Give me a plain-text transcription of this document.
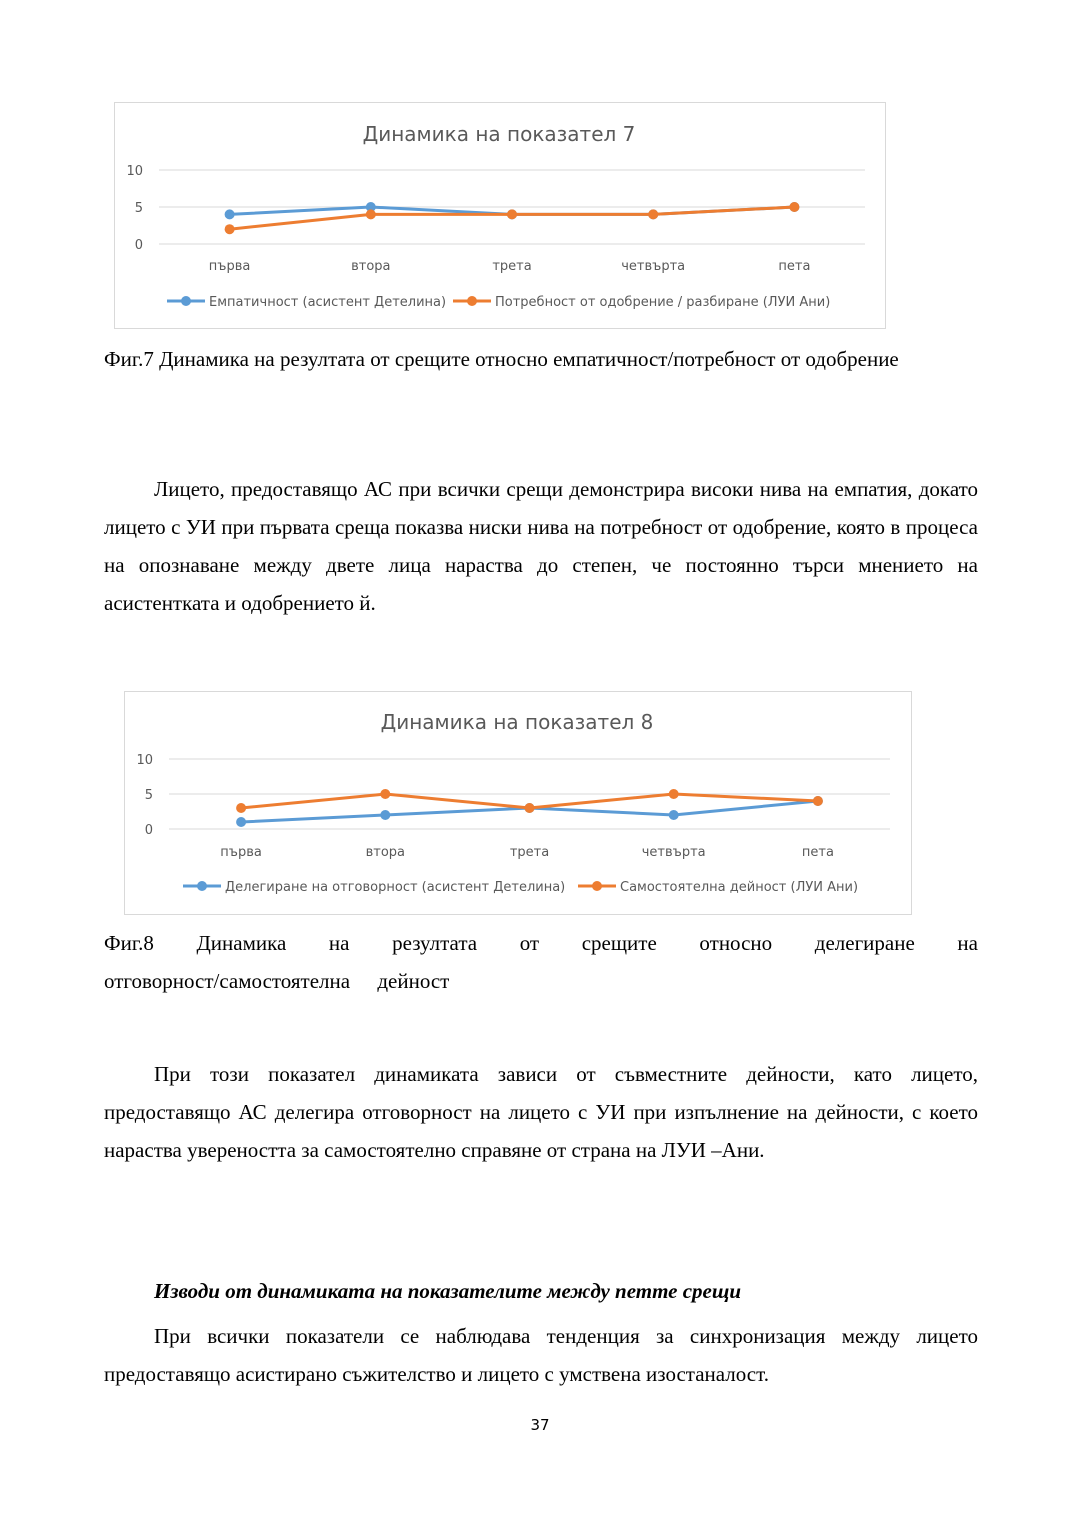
Динамика на показател 7
0
5
10
първа	втора	трета	четвърта	пета
Емпатичност (асистент Детелина)	Потребност от одобрение / разбиране (ЛУИ Ани)

Фиг.7 Динамика на резултата от срещите относно емпатичност/потребност от одобрение

Лицето, предоставящо АС при всички срещи демонстрира високи нива на емпатия, докато лицето с УИ при първата среща показва ниски нива на потребност от одобрение, която в процеса на опознаване между двете лица нараства до степен, че постоянно търси мнението на асистентката и одобрението й.

Динамика на показател 8
0
5
10
първа	втора	трета	четвърта	пета
Делегиране на отговорност (асистент Детелина)	Самостоятелна дейност (ЛУИ Ани)

Фиг.8 Динамика на резултата от срещите относно делегиране на отговорност/самостоятелна дейност

При този показател динамиката зависи от съвместните дейности, като лицето, предоставящо АС делегира отговорност на лицето с УИ при изпълнение на дейности, с което нараства увереността за самостоятелно справяне от страна на ЛУИ –Ани.

Изводи от динамиката на показателите между петте срещи

При всички показатели се наблюдава тенденция за синхронизация между лицето предоставящо асистирано съжителство и лицето с умствена изостаналост.

37
